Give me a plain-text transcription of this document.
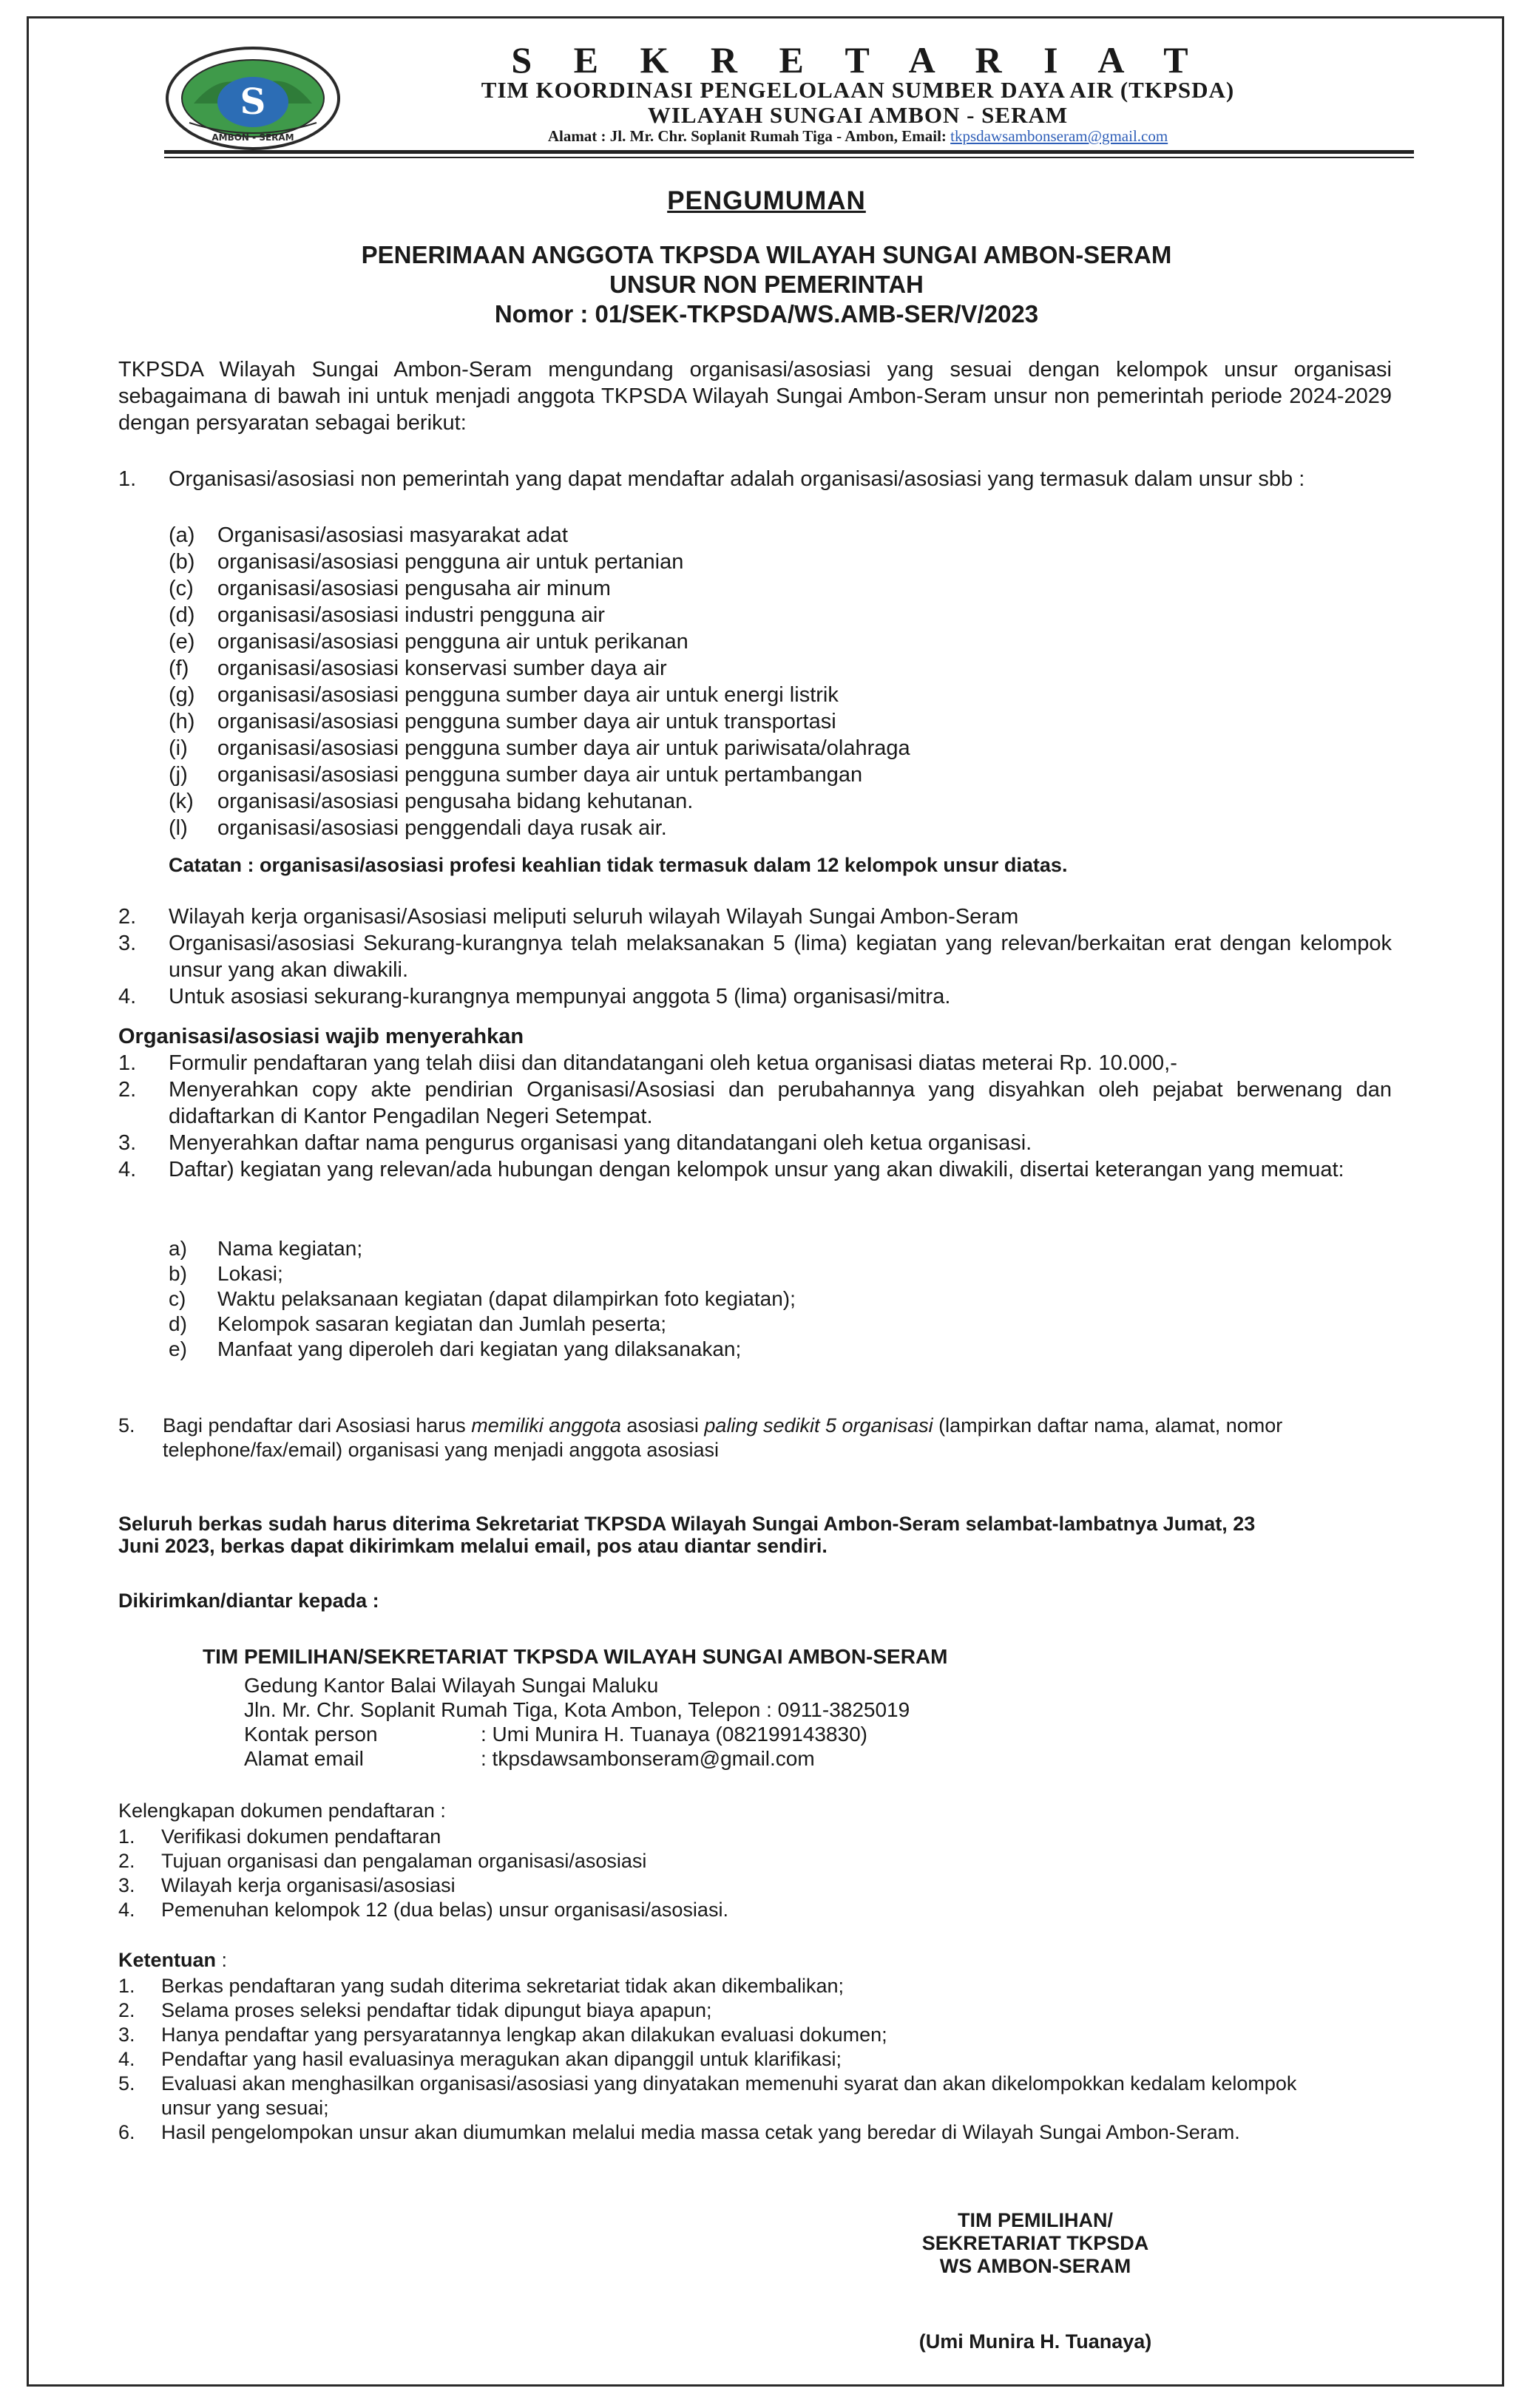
S
AMBON - SERAM
S E K R E T A R I A T
TIM KOORDINASI PENGELOLAAN SUMBER DAYA AIR (TKPSDA)
WILAYAH SUNGAI AMBON - SERAM
Alamat : Jl. Mr. Chr. Soplanit Rumah Tiga - Ambon, Email: tkpsdawsambonseram@gmail.com
PENGUMUMAN
PENERIMAAN ANGGOTA TKPSDA WILAYAH SUNGAI AMBON-SERAM
UNSUR NON PEMERINTAH
Nomor : 01/SEK-TKPSDA/WS.AMB-SER/V/2023
TKPSDA Wilayah Sungai Ambon-Seram mengundang organisasi/asosiasi yang sesuai dengan kelompok unsur organisasi sebagaimana di bawah ini untuk menjadi anggota TKPSDA Wilayah Sungai Ambon-Seram unsur non pemerintah periode 2024-2029 dengan persyaratan sebagai berikut:
1. Organisasi/asosiasi non pemerintah yang dapat mendaftar adalah organisasi/asosiasi yang termasuk dalam unsur sbb :
(a) Organisasi/asosiasi masyarakat adat
(b) organisasi/asosiasi pengguna air untuk pertanian
(c) organisasi/asosiasi pengusaha air minum
(d) organisasi/asosiasi industri pengguna air
(e) organisasi/asosiasi pengguna air untuk perikanan
(f) organisasi/asosiasi konservasi sumber daya air
(g) organisasi/asosiasi pengguna sumber daya air untuk energi listrik
(h) organisasi/asosiasi pengguna sumber daya air untuk transportasi
(i) organisasi/asosiasi pengguna sumber daya air untuk pariwisata/olahraga
(j) organisasi/asosiasi pengguna sumber daya air untuk pertambangan
(k) organisasi/asosiasi pengusaha bidang kehutanan.
(l) organisasi/asosiasi penggendali daya rusak air.
Catatan : organisasi/asosiasi profesi keahlian tidak termasuk dalam 12 kelompok unsur diatas.
2. Wilayah kerja organisasi/Asosiasi meliputi seluruh wilayah Wilayah Sungai Ambon-Seram
3. Organisasi/asosiasi Sekurang-kurangnya telah melaksanakan 5 (lima) kegiatan yang relevan/berkaitan erat dengan kelompok unsur yang akan diwakili.
4. Untuk asosiasi sekurang-kurangnya mempunyai anggota 5 (lima) organisasi/mitra.
Organisasi/asosiasi wajib menyerahkan
1. Formulir pendaftaran yang telah diisi dan ditandatangani oleh ketua organisasi diatas meterai Rp. 10.000,-
2. Menyerahkan copy akte pendirian Organisasi/Asosiasi dan perubahannya yang disyahkan oleh pejabat berwenang dan didaftarkan di Kantor Pengadilan Negeri Setempat.
3. Menyerahkan daftar nama pengurus organisasi yang ditandatangani oleh ketua organisasi.
4. Daftar) kegiatan yang relevan/ada hubungan dengan kelompok unsur yang akan diwakili, disertai keterangan yang memuat:
a) Nama kegiatan;
b) Lokasi;
c) Waktu pelaksanaan kegiatan (dapat dilampirkan foto kegiatan);
d) Kelompok sasaran kegiatan dan Jumlah peserta;
e) Manfaat yang diperoleh dari kegiatan yang dilaksanakan;
5. Bagi pendaftar dari Asosiasi harus memiliki anggota asosiasi paling sedikit 5 organisasi (lampirkan daftar nama, alamat, nomor telephone/fax/email) organisasi yang menjadi anggota asosiasi
Seluruh berkas sudah harus diterima Sekretariat TKPSDA Wilayah Sungai Ambon-Seram selambat-lambatnya Jumat, 23 Juni 2023, berkas dapat dikirimkam melalui email, pos atau diantar sendiri.
Dikirimkan/diantar kepada :
TIM PEMILIHAN/SEKRETARIAT TKPSDA WILAYAH SUNGAI AMBON-SERAM
Gedung Kantor Balai Wilayah Sungai Maluku
Jln. Mr. Chr. Soplanit Rumah Tiga, Kota Ambon, Telepon : 0911-3825019
Kontak person	: Umi Munira H. Tuanaya (082199143830)
Alamat email	: tkpsdawsambonseram@gmail.com
Kelengkapan dokumen pendaftaran :
1. Verifikasi dokumen pendaftaran
2. Tujuan organisasi dan pengalaman organisasi/asosiasi
3. Wilayah kerja organisasi/asosiasi
4. Pemenuhan kelompok 12 (dua belas) unsur organisasi/asosiasi.
Ketentuan :
1. Berkas pendaftaran yang sudah diterima sekretariat tidak akan dikembalikan;
2. Selama proses seleksi pendaftar tidak dipungut biaya apapun;
3. Hanya pendaftar yang persyaratannya lengkap akan dilakukan evaluasi dokumen;
4. Pendaftar yang hasil evaluasinya meragukan akan dipanggil untuk klarifikasi;
5. Evaluasi akan menghasilkan organisasi/asosiasi yang dinyatakan memenuhi syarat dan akan dikelompokkan kedalam kelompok unsur yang sesuai;
6. Hasil pengelompokan unsur akan diumumkan melalui media massa cetak yang beredar di Wilayah Sungai Ambon-Seram.
TIM PEMILIHAN/
SEKRETARIAT TKPSDA
WS AMBON-SERAM
(Umi Munira H. Tuanaya)
